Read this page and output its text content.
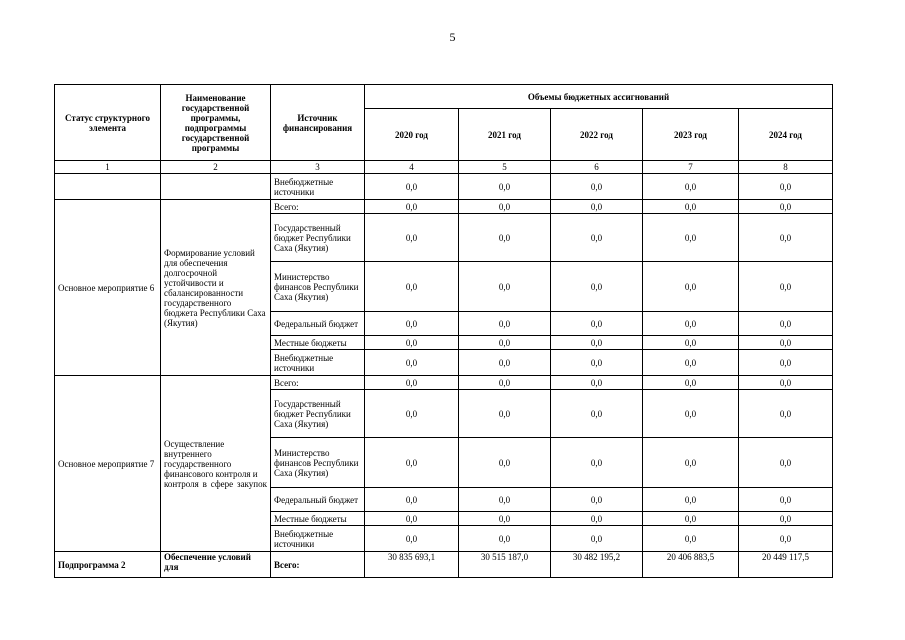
5
Статус структурного элемента	Наименование государственной программы, подпрограммы государственной программы	Источник финансирования	Объемы бюджетных ассигнований				
			2020 год	2021 год	2022 год	2023 год	2024 год
1	2	3	4	5	6	7	8
		Внебюджетные источники	0,0	0,0	0,0	0,0	0,0
Основное мероприятие 6	Формирование условий для обеспечения долгосрочной устойчивости и сбалансированности государственного бюджета Республики Саха (Якутия)	Всего:	0,0	0,0	0,0	0,0	0,0
		Государственный бюджет Республики Саха (Якутия)	0,0	0,0	0,0	0,0	0,0
		Министерство финансов Республики Саха (Якутия)	0,0	0,0	0,0	0,0	0,0
		Федеральный бюджет	0,0	0,0	0,0	0,0	0,0
		Местные бюджеты	0,0	0,0	0,0	0,0	0,0
		Внебюджетные источники	0,0	0,0	0,0	0,0	0,0
Основное мероприятие 7	Осуществление внутреннего государственного финансового контроля и контроля в сфере закупок	Всего:	0,0	0,0	0,0	0,0	0,0
		Государственный бюджет Республики Саха (Якутия)	0,0	0,0	0,0	0,0	0,0
		Министерство финансов Республики Саха (Якутия)	0,0	0,0	0,0	0,0	0,0
		Федеральный бюджет	0,0	0,0	0,0	0,0	0,0
		Местные бюджеты	0,0	0,0	0,0	0,0	0,0
		Внебюджетные источники	0,0	0,0	0,0	0,0	0,0
Подпрограмма 2	Обеспечение условий для	Всего:	30 835 693,1	30 515 187,0	30 482 195,2	20 406 883,5	20 449 117,5
